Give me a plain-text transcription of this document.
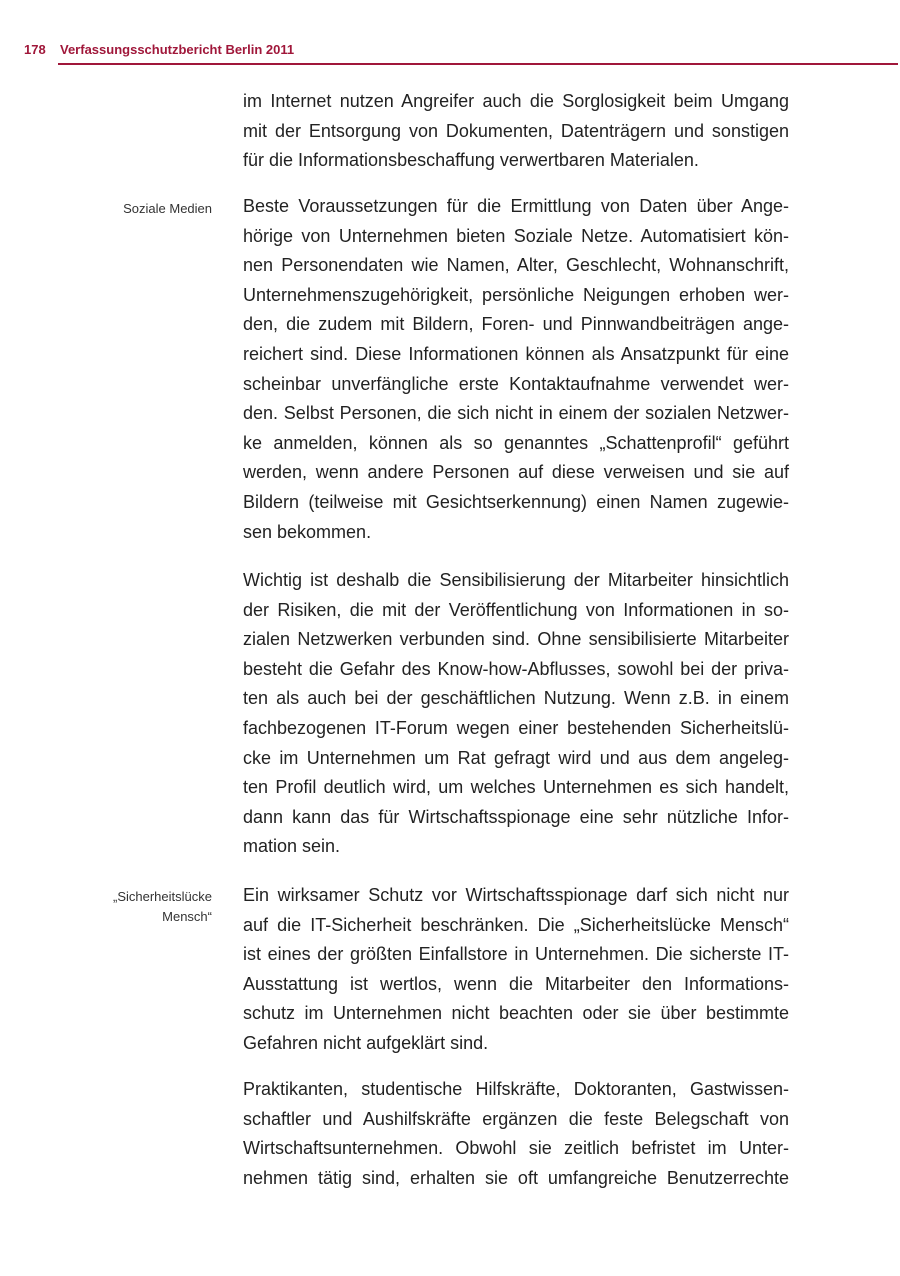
178 Verfassungsschutzbericht Berlin 2011
im Internet nutzen Angreifer auch die Sorglosigkeit beim Umgang
mit der Entsorgung von Dokumenten, Datenträgern und sonstigen
für die Informationsbeschaffung verwertbaren Materialen.
Soziale Medien Beste Voraussetzungen für die Ermittlung von Daten über Ange-
hörige von Unternehmen bieten Soziale Netze. Automatisiert kön-
nen Personendaten wie Namen, Alter, Geschlecht, Wohnanschrift,
Unternehmenszugehörigkeit, persönliche Neigungen erhoben wer-
den, die zudem mit Bildern, Foren- und Pinnwandbeiträgen ange-
reichert sind. Diese Informationen können als Ansatzpunkt für eine
scheinbar unverfängliche erste Kontaktaufnahme verwendet wer-
den. Selbst Personen, die sich nicht in einem der sozialen Netzwer-
ke anmelden, können als so genanntes „Schattenprofil“ geführt
werden, wenn andere Personen auf diese verweisen und sie auf
Bildern (teilweise mit Gesichtserkennung) einen Namen zugewie-
sen bekommen.
Wichtig ist deshalb die Sensibilisierung der Mitarbeiter hinsichtlich
der Risiken, die mit der Veröffentlichung von Informationen in so-
zialen Netzwerken verbunden sind. Ohne sensibilisierte Mitarbeiter
besteht die Gefahr des Know-how-Abflusses, sowohl bei der priva-
ten als auch bei der geschäftlichen Nutzung. Wenn z.B. in einem
fachbezogenen IT-Forum wegen einer bestehenden Sicherheitslü-
cke im Unternehmen um Rat gefragt wird und aus dem angeleg-
ten Profil deutlich wird, um welches Unternehmen es sich handelt,
dann kann das für Wirtschaftsspionage eine sehr nützliche Infor-
mation sein.
„Sicherheitslücke
Mensch“
Ein wirksamer Schutz vor Wirtschaftsspionage darf sich nicht nur
auf die IT-Sicherheit beschränken. Die „Sicherheitslücke Mensch“
ist eines der größten Einfallstore in Unternehmen. Die sicherste IT-
Ausstattung ist wertlos, wenn die Mitarbeiter den Informations-
schutz im Unternehmen nicht beachten oder sie über bestimmte
Gefahren nicht aufgeklärt sind.
Praktikanten, studentische Hilfskräfte, Doktoranten, Gastwissen-
schaftler und Aushilfskräfte ergänzen die feste Belegschaft von
Wirtschaftsunternehmen. Obwohl sie zeitlich befristet im Unter-
nehmen tätig sind, erhalten sie oft umfangreiche Benutzerrechte
